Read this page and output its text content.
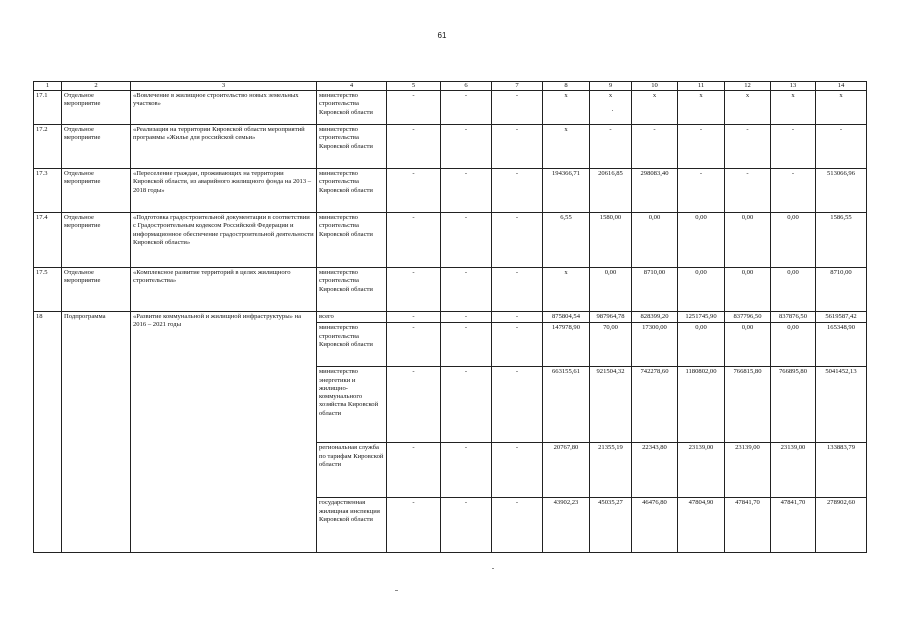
61
1	2	3	4	5	6	7	8	9	10	11	12	13	14
17.1	Отдельное мероприятие	«Вовлечение в жилищное строительство новых земельных участков»	министерство строительства Кировской области	-	-	-	x	x	x	x	x	x	x
17.2	Отдельное мероприятие	«Реализация на территории Кировской области мероприятий программы «Жилье для российской семьи»	министерство строительства Кировской области	-	-	-	x	-	-	-	-	-	-
17.3	Отдельное мероприятие	«Переселение граждан, проживающих на территории Кировской области, из аварийного жилищного фонда на 2013 – 2018 годы»	министерство строительства Кировской области	-	-	-	194366,71	20616,85	298083,40	-	-	-	513066,96
17.4	Отдельное мероприятие	«Подготовка градостроительной документации в соответствии с Градостроительным кодексом Российской Федерации и информационное обеспечение градостроительной деятельности Кировской области»	министерство строительства Кировской области	-	-	-	6,55	1580,00	0,00	0,00	0,00	0,00	1586,55
17.5	Отдельное мероприятие	«Комплексное развитие территорий в целях жилищного строительства»	министерство строительства Кировской области	-	-	-	x	0,00	8710,00	0,00	0,00	0,00	8710,00
18	Подпрограмма	«Развитие коммунальной и жилищной инфраструктуры» на 2016 – 2021 годы	всего	-	-	-	875804,54	987964,78	828399,20	1251745,90	837796,50	837876,50	5619587,42
			министерство строительства Кировской области	-	-	-	147978,90	70,00	17300,00	0,00	0,00	0,00	165348,90
			министерство энергетики и жилищно-коммунального хозяйства Кировской области	-	-	-	663155,61	921504,32	742278,60	1180802,00	766815,80	766895,80	5041452,13
			региональная служба по тарифам Кировской области	-	-	-	20767,80	21355,19	22343,80	23139,00	23139,00	23139,00	133883,79
			государственная жилищная инспекция Кировской области	-	-	-	43902,23	45035,27	46476,80	47804,90	47841,70	47841,70	278902,60
